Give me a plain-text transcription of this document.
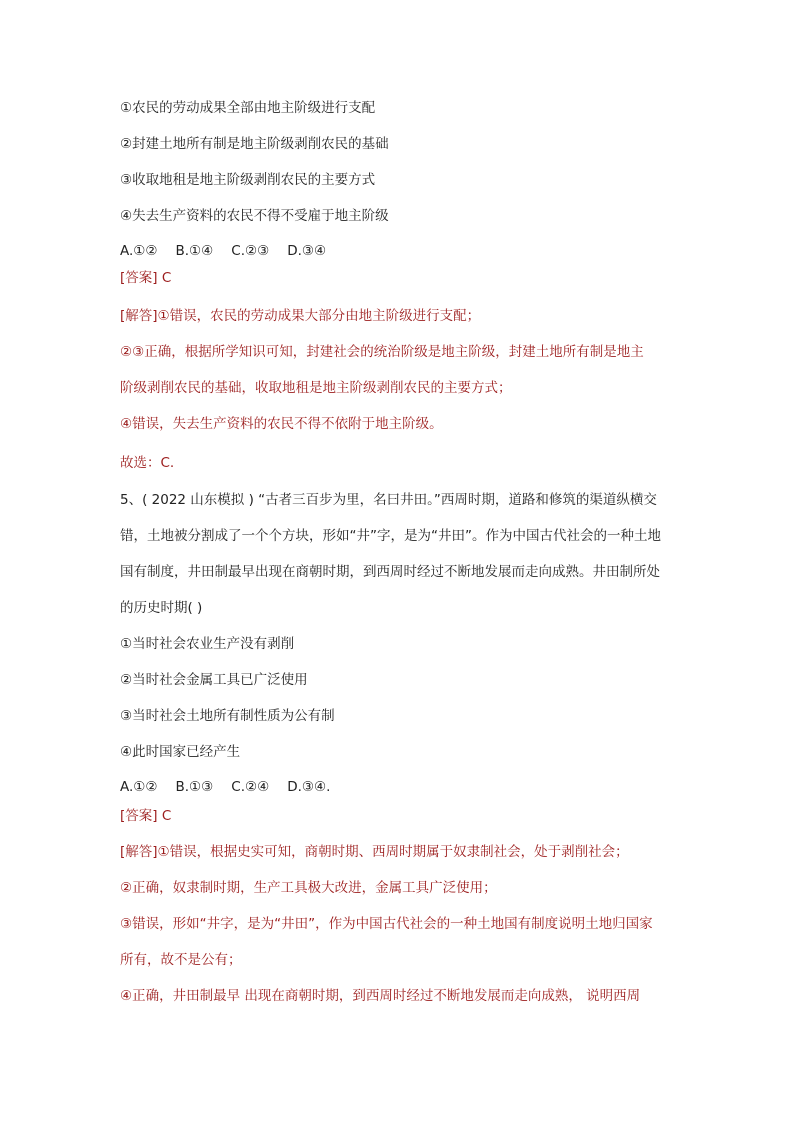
①农民的劳动成果全部由地主阶级进行支配
②封建土地所有制是地主阶级剥削农民的基础
③收取地租是地主阶级剥削农民的主要方式
④失去生产资料的农民不得不受雇于地主阶级
A.①② B.①④ C.②③ D.③④
[答案] C
[解答]①错误，农民的劳动成果大部分由地主阶级进行支配；
②③正确，根据所学知识可知，封建社会的统治阶级是地主阶级，封建土地所有制是地主
阶级剥削农民的基础，收取地租是地主阶级剥削农民的主要方式；
④错误，失去生产资料的农民不得不依附于地主阶级。
故选：C.
5、( 2022 山东模拟 ) “古者三百步为里，名曰井田。”西周时期，道路和修筑的渠道纵横交
错，土地被分割成了一个个方块，形如“井”字，是为“井田”。作为中国古代社会的一种土地
国有制度，井田制最早出现在商朝时期，到西周时经过不断地发展而走向成熟。井田制所处
的历史时期( )
①当时社会农业生产没有剥削
②当时社会金属工具已广泛使用
③当时社会土地所有制性质为公有制
④此时国家已经产生
A.①② B.①③ C.②④ D.③④.
[答案] C
[解答]①错误，根据史实可知，商朝时期、西周时期属于奴隶制社会，处于剥削社会；
②正确，奴隶制时期，生产工具极大改进，金属工具广泛使用；
③错误，形如“井字，是为“井田”，作为中国古代社会的一种土地国有制度说明土地归国家
所有，故不是公有；
④正确，井田制最早 出现在商朝时期，到西周时经过不断地发展而走向成熟， 说明西周
